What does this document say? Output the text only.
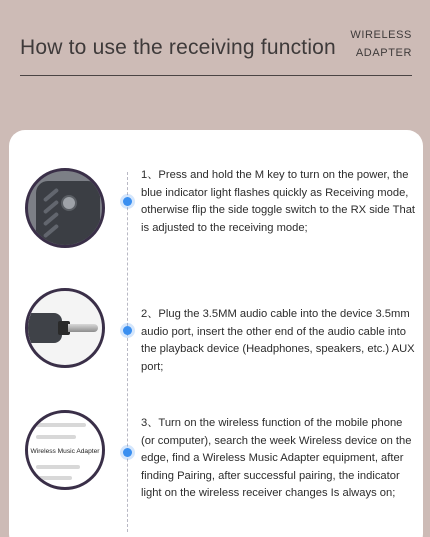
How to use the receiving function
WIRELESS
ADAPTER
Wireless Music Adapter
1、Press and hold the M key to turn on the power, the blue indicator light flashes quickly as Receiving mode, otherwise flip the side toggle switch to the RX side That is adjusted to the receiving mode;
2、Plug the 3.5MM audio cable into the device 3.5mm audio port, insert the other end of the audio cable into the playback device (Headphones, speakers, etc.) AUX port;
3、Turn on the wireless function of the mobile phone (or computer), search the week Wireless device on the edge, find a Wireless Music Adapter equipment, after finding Pairing, after successful pairing, the indicator light on the wireless receiver changes Is always on;
